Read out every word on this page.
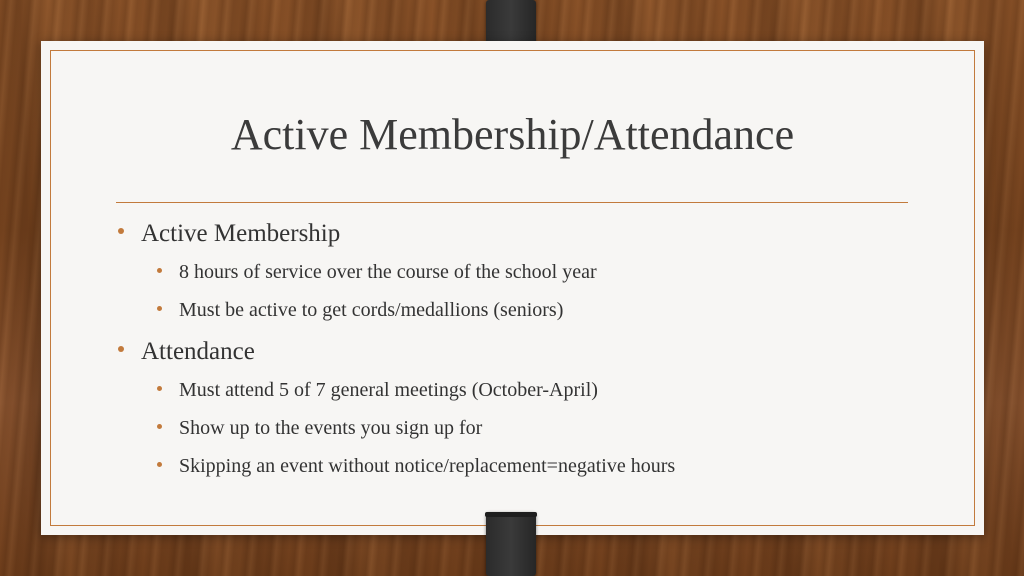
Active Membership/Attendance
Active Membership
8 hours of service over the course of the school year
Must be active to get cords/medallions (seniors)
Attendance
Must attend 5 of 7 general meetings (October-April)
Show up to the events you sign up for
Skipping an event without notice/replacement=negative hours
